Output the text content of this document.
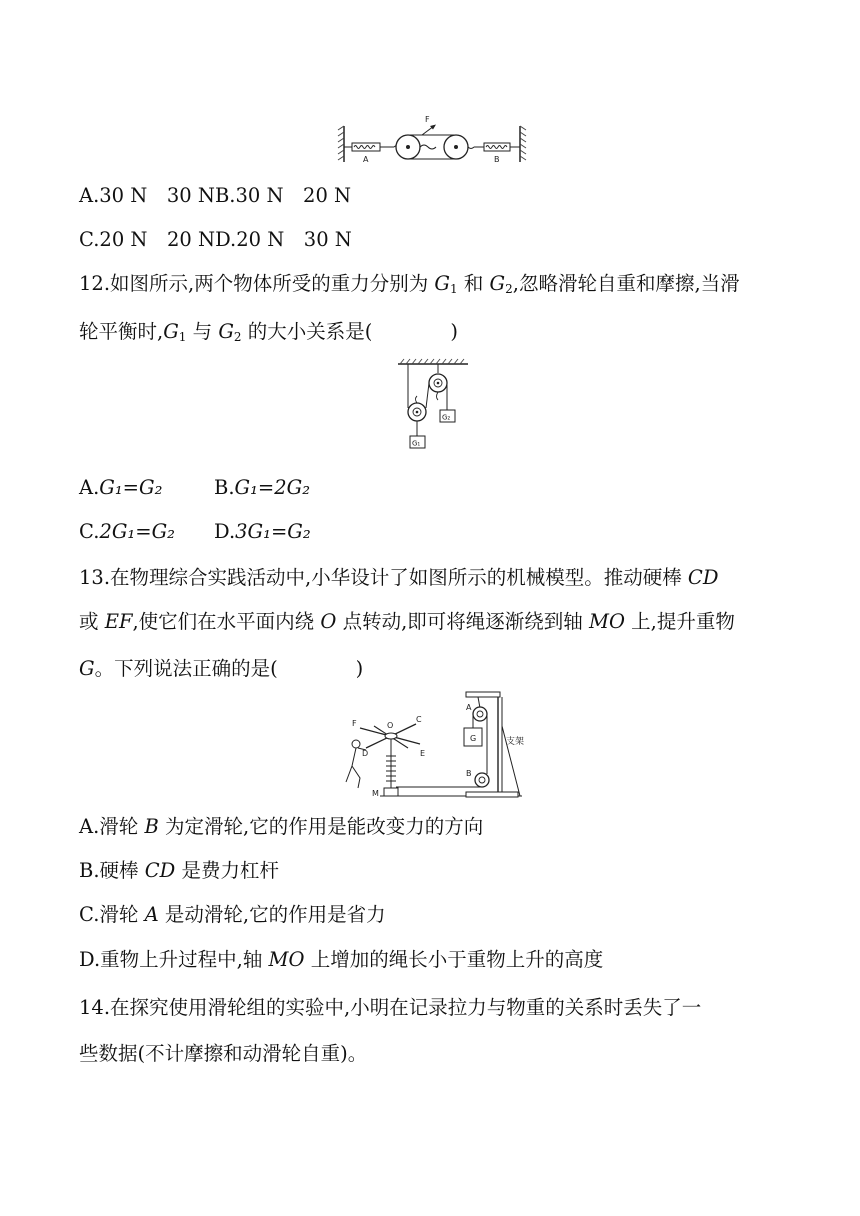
A
F
B
A.30 N　30 NB.30 N　20 N
C.20 N　20 ND.20 N　30 N
12.如图所示,两个物体所受的重力分别为 $G_1$ 和 $G_2$,忽略滑轮自重和摩擦,当滑
轮平衡时$,G_1$ 与 $G_2$ 的大小关系是(　　　　)
G₂
G₁
A.G₁=G₂	B.G₁=2G₂
C.2G₁=G₂ D.3G₁=G₂
13.在物理综合实践活动中,小华设计了如图所示的机械模型。推动硬棒 CD
或 EF,使它们在水平面内绕 O 点转动,即可将绳逐渐绕到轴 MO 上,提升重物
G。下列说法正确的是(　　　　)
支架
A
G
B
M
O
F	C
D	E
A.滑轮 B 为定滑轮,它的作用是能改变力的方向
B.硬棒 CD 是费力杠杆
C.滑轮 A 是动滑轮,它的作用是省力
D.重物上升过程中,轴 MO 上增加的绳长小于重物上升的高度
14.在探究使用滑轮组的实验中,小明在记录拉力与物重的关系时丢失了一
些数据(不计摩擦和动滑轮自重)。
